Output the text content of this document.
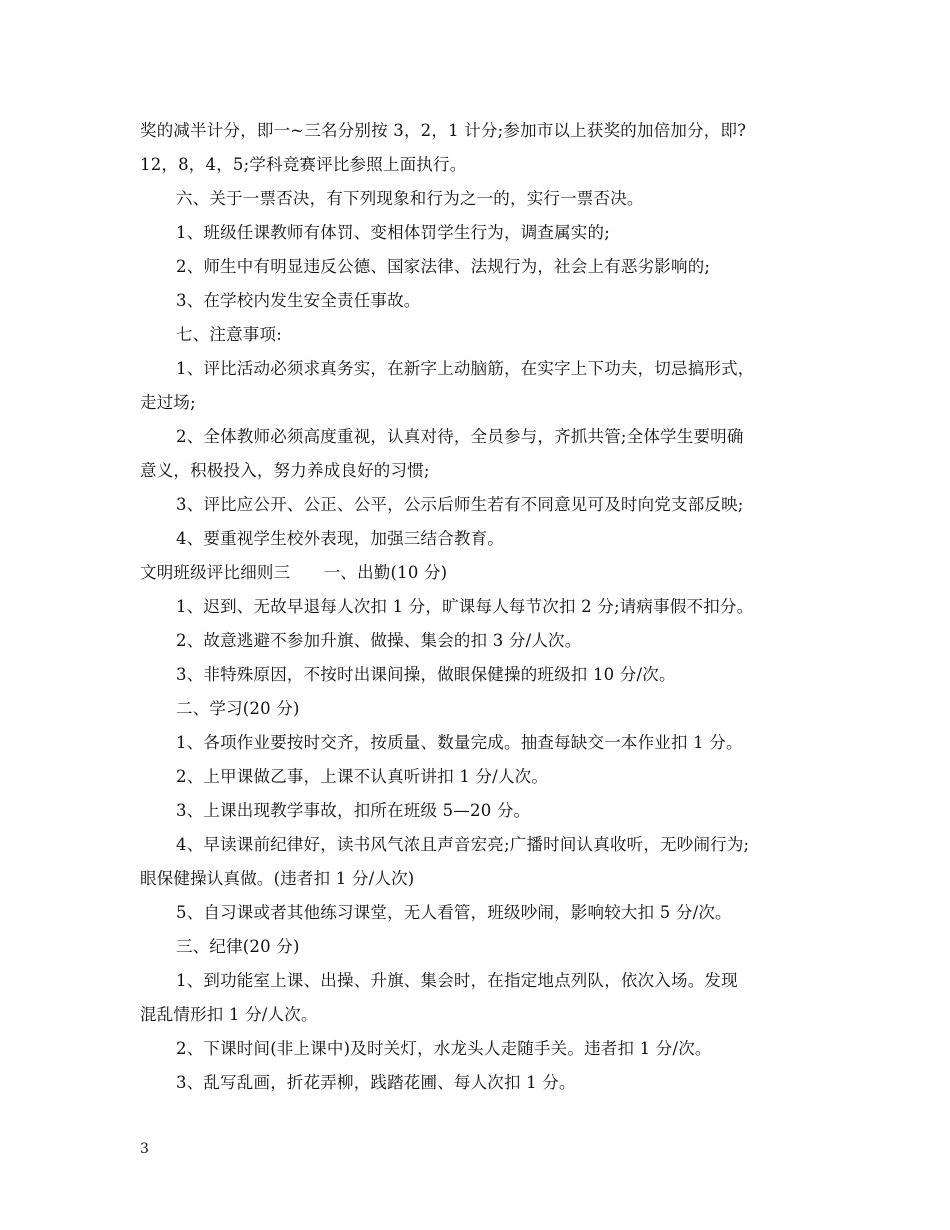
奖的减半计分，即一~三名分别按 3，2，1 计分;参加市以上获奖的加倍加分，即?
12，8，4，5;学科竞赛评比参照上面执行。
六、关于一票否决，有下列现象和行为之一的，实行一票否决。
1、班级任课教师有体罚、变相体罚学生行为，调查属实的;
2、师生中有明显违反公德、国家法律、法规行为，社会上有恶劣影响的;
3、在学校内发生安全责任事故。
七、注意事项:
1、评比活动必须求真务实，在新字上动脑筋，在实字上下功夫，切忌搞形式，
走过场;
2、全体教师必须高度重视，认真对待，全员参与，齐抓共管;全体学生要明确
意义，积极投入，努力养成良好的习惯;
3、评比应公开、公正、公平，公示后师生若有不同意见可及时向党支部反映;
4、要重视学生校外表现，加强三结合教育。
文明班级评比细则三　　一、出勤(10 分)
1、迟到、无故早退每人次扣 1 分，旷课每人每节次扣 2 分;请病事假不扣分。
2、故意逃避不参加升旗、做操、集会的扣 3 分/人次。
3、非特殊原因，不按时出课间操，做眼保健操的班级扣 10 分/次。
二、学习(20 分)
1、各项作业要按时交齐，按质量、数量完成。抽查每缺交一本作业扣 1 分。
2、上甲课做乙事，上课不认真听讲扣 1 分/人次。
3、上课出现教学事故，扣所在班级 5—20 分。
4、早读课前纪律好，读书风气浓且声音宏亮;广播时间认真收听，无吵闹行为;
眼保健操认真做。(违者扣 1 分/人次)
5、自习课或者其他练习课堂，无人看管，班级吵闹，影响较大扣 5 分/次。
三、纪律(20 分)
1、到功能室上课、出操、升旗、集会时，在指定地点列队，依次入场。发现
混乱情形扣 1 分/人次。
2、下课时间(非上课中)及时关灯，水龙头人走随手关。违者扣 1 分/次。
3、乱写乱画，折花弄柳，践踏花圃、每人次扣 1 分。
3
